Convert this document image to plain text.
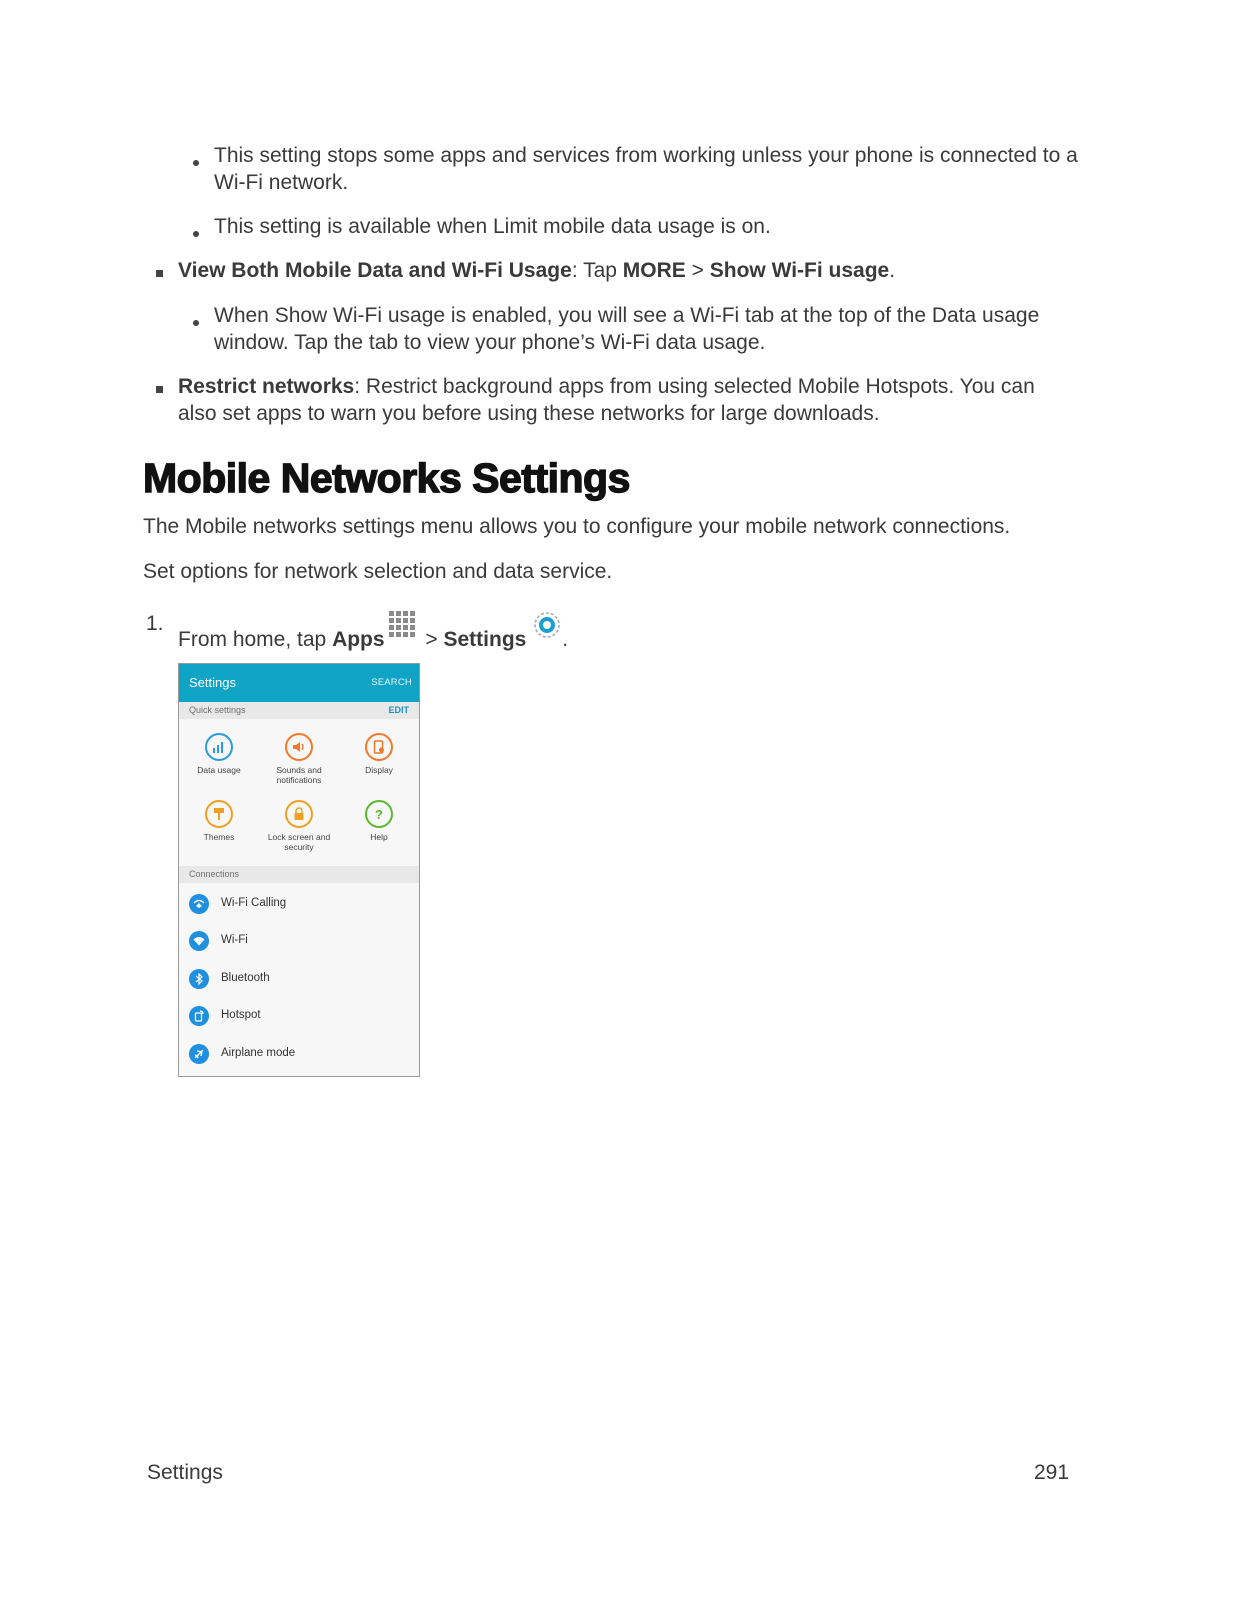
This setting stops some apps and services from working unless your phone is connected to a
Wi-Fi network.
This setting is available when Limit mobile data usage is on.
View Both Mobile Data and Wi-Fi Usage: Tap MORE > Show Wi-Fi usage.
When Show Wi-Fi usage is enabled, you will see a Wi-Fi tab at the top of the Data usage
window. Tap the tab to view your phone’s Wi-Fi data usage.
Restrict networks: Restrict background apps from using selected Mobile Hotspots. You can
also set apps to warn you before using these networks for large downloads.
Mobile Networks Settings
The Mobile networks settings menu allows you to configure your mobile network connections.
Set options for network selection and data service.
1.
From home, tap Apps > Settings .
Settings	SEARCH
Quick settings	EDIT
Data usage	Sounds and notifications
Display
Themes	Lock screen and security
?
Help
Connections
Wi-Fi Calling
Wi-Fi
Bluetooth
Hotspot
Airplane mode
Settings	291
